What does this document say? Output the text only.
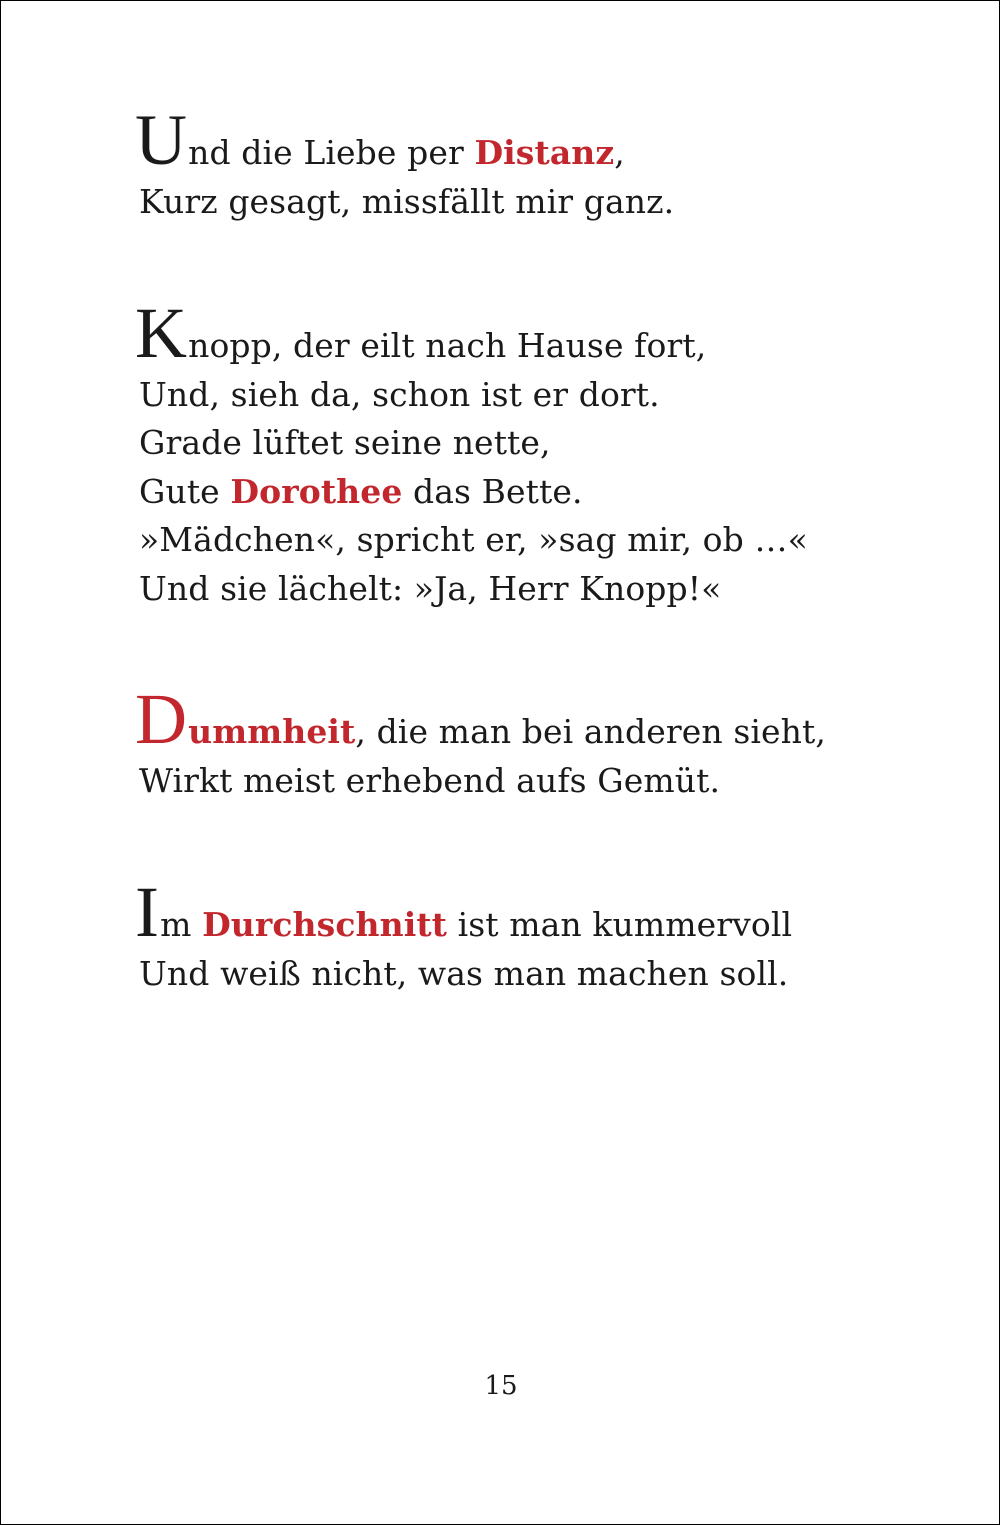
Und die Liebe per Distanz,
Kurz gesagt, missfällt mir ganz.
Knopp, der eilt nach Hause fort,
Und, sieh da, schon ist er dort.
Grade lüftet seine nette,
Gute Dorothee das Bette.
»Mädchen«, spricht er, »sag mir, ob …«
Und sie lächelt: »Ja, Herr Knopp!«
Dummheit, die man bei anderen sieht,
Wirkt meist erhebend aufs Gemüt.
Im Durchschnitt ist man kummervoll
Und weiß nicht, was man machen soll.
15
